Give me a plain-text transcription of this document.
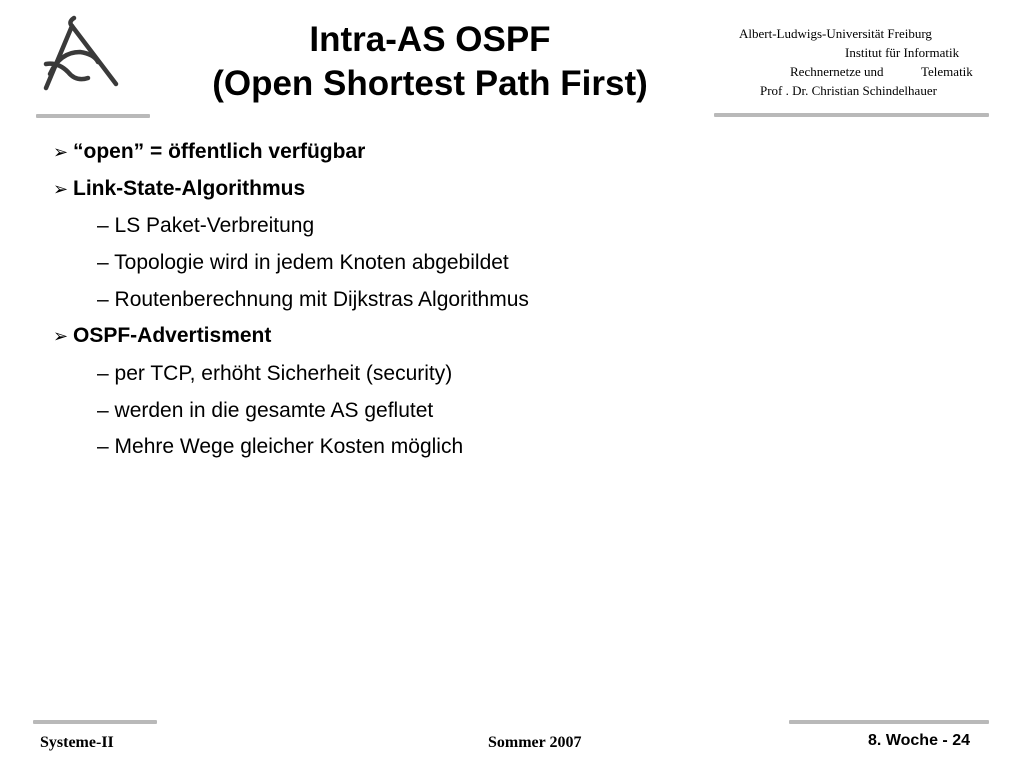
Intra-AS OSPF
(Open Shortest Path First)
Albert-Ludwigs-Universität Freiburg
Institut für Informatik
Rechnernetze und	Telematik
Prof . Dr. Christian Schindelhauer
➢ “open” = öffentlich verfügbar
➢ Link-State-Algorithmus
– LS Paket-Verbreitung
– Topologie wird in jedem Knoten abgebildet
– Routenberechnung mit Dijkstras Algorithmus
➢ OSPF-Advertisment
– per TCP, erhöht Sicherheit (security)
– werden in die gesamte AS geflutet
– Mehre Wege gleicher Kosten möglich
Systeme-II	Sommer 2007	8. Woche - 24
